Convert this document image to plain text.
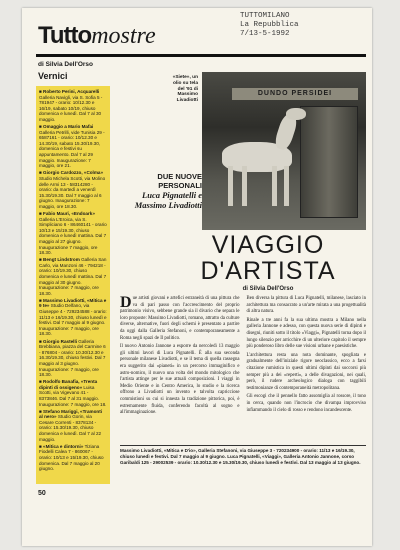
TUTTOMILANO
La Repubblica
7/13-5-1992
Tuttomostre
di Silvia Dell'Orso
Vernici

■ Roberto Perini, Acquarelli Galleria Navigli, via S. Sofia 5 - 781947 - orario: 10/12.30 e 16/19, sabato 10/19, chiuso domenica e lunedì. Dal 7 al 30 maggio.

■ Omaggio a Mario Mafai Galleria Petrilli, vide Tunisia 29 - 6587161 - orario: 10/12.30 e 14.30/19, sabato 15.30/19.30, domenica e festivi su appuntamento. Dal 7 al 29 maggio. Inaugurazione: 7 maggio, ore 21.

■ Giorgio Cardozzo, «Colma» Studio Michela Scotti, via Molino delle Armi 13 - 58314280 - orario: da martedì a venerdì 15.30/19.30. Dal 7 maggio al 6 giugno. Inaugurazione: 7 maggio, ore 18.30.

■ Fabio Mauri, «Endoark» Galleria L'Eroica, via S. Simpliciano 6 - 86460141 - orario 10/13 e 15/19.30, chiuso domenica e lunedì mattina. Dal 7 maggio al 27 giugno. Inaugurazione 7 maggio, ore 18.30.

■ Bengt Lindstrom Galleria San Carlo, via Manzoni 46 - 794218 - orario: 10/19.30, chiuso domenica e lunedì mattina. Dal 7 maggio al 30 giugno. Inaugurazione: 7 maggio, ore 18.30.

■ Massimo Livadiotti, «Mitica e 9 te» Studio Delfano, via Giuseppe 4 - 729234588 - orario: 11/13 e 16/19.30, chiuso lunedì e festivi. Dal 7 maggio al 9 giugno. Inaugurazione: 7 maggio, ore 18.30.

■ Giorgio Rastelli Galleria Brebbiana, piazza del Carmine 6 - 876804 - orario: 10.30/12.30 e 16.30/19.30, chiuso festivi. Dal 7 maggio al 3 giugno. Inaugurazione: 7 maggio, ore 18.30.

■ Rodolfo Banafia, «Trenta dipinti di ossigeno» Luisa Scotti, via Vigevano 41 - 8373846. Dal 7 al 31 maggio. Inaugurazione: 7 maggio, ore 18.

■ Stefano Mariggi, «Tramonti al nero» Studio Gorin, via Cesare Correnti - 8378134 - orario: 15.30/19.30, chiuso domenica e lunedì. Dal 7 al 22 maggio.

■ «Mitica e dintorni» Tiziana Fiodelli Calea 7 - 860067 - orario: 10/13 e 15/19.30, chiuso domenica. Dal 7 maggio al 20 giugno.

«Siete», un olio su tela del '91 di Massimo Livadiotti
DUNDO PERSIDEI
DUE NUOVE PERSONALI
Luca Pignatelli e Massimo Livadiotti
VIAGGIO
D'ARTISTA
di Silvia Dell'Orso

Due artisti giovani e artefici estraneità di una pittura che va di pari passo con l'accrescimento del proprio patrimonio visivo, sebbene grande sia il divario che separa le loro proposte: Massimo Livadiotti, romano, attratto da culture diverse, alternative, fuori degli schemi è presentato a partire da oggi dalla Galleria Stefanoni, e contemporaneamente a Roma negli spazi de Il politico.

Il nuovo Antonio Jannone a esporre da nercoledì 13 maggio gli ultimi lavori di Luca Pignatelli. È alla sua seconda personale milanese Livadiotti, e se il tema di quella rassegna era suggerito dai «pianeti» in un percorso immaginifico e astro-nomico, il nuovo una volta del mondo mitologico che l'artista attinge per le sue attuali composizioni. I viaggi in Medio Oriente e in Centro America, lo studio e la ricerca offrono a Livadiotti un invento e talvolta capricciose commistioni su cui si innesta la tradizione pittorica, poi, è estremamente fluida, conferendo facoltà al sogno e all'immaginazione.

Ben diversa la pittura di Luca Pignatelli, milanese, lasciato in architettura ma consacrato a un'arte mirata a una progettualità di altra natura.

Rinale a tre anni fa la sua ultima mostra a Milano nella galleria Jannone e adesso, con questa nuova serie di dipinti e disegni, riuniti sotto il titolo «Viaggi», Pignatelli torna dopo il lungo silenzio per arricchire di un ulteriore capitolo il sempre più ponderoso libro delle sue visioni urbane e paesistiche.

L'architettura resta una nota dominante, spogliata e gradualmente dell'iniziale rigore neoclassico, ecco a farsi citazione rumistica in questi ultimi dipinti dai soccorsi più semper più a dei «reperti», a delle divagazioni, nei quali, però, il rudere archeologico dialoga con taggibili testimonianze di contemporaneità metropolitana.

Gli escogi che il pennello fatto assomiglia al rossore, il tono in cerca, quando non l'incrocio che divampa improvviso infiammando il cielo di rosso e rendono incandescente.

Massimo Livadiotti, «Mitica e D'io», Galleria Stefanoni, via Giuseppe 3 - 720234900 - orario: 11/13 e 16/19.30, chiuso lunedì e festivi. Dal 7 maggio al 9 giugno. Luca Pignatelli, «Viaggi», Galleria Antonio Jannone, corso Garibaldi 125 - 29002539 - orario: 10.30/12.30 e 15.30/19.30, chiuso lunedì e festivi. Dal 13 maggio al 13 giugno.
50
